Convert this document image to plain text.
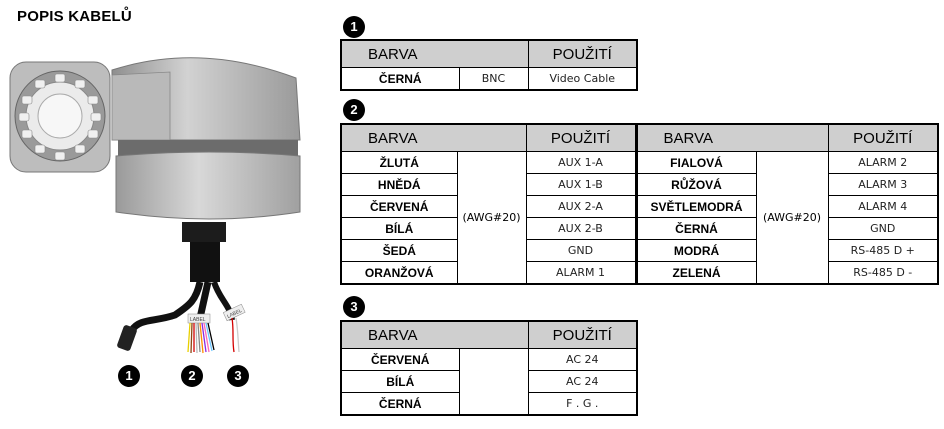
POPIS KABELŮ
LABEL
LABEL
1	2	3
1
2
3
BARVA		POUŽITÍ
ČERNÁ	BNC	Video Cable
BARVA		POUŽITÍ	BARVA		POUŽITÍ
ŽLUTÁ	(AWG#20)	AUX 1-A	FIALOVÁ	(AWG#20)	ALARM 2
HNĚDÁ		AUX 1-B	RŮŽOVÁ		ALARM 3
ČERVENÁ		AUX 2-A	SVĚTLEMODRÁ		ALARM 4
BÍLÁ		AUX 2-B	ČERNÁ		GND
ŠEDÁ		GND	MODRÁ		RS-485 D +
ORANŽOVÁ		ALARM 1	ZELENÁ		RS-485 D -
BARVA		POUŽITÍ
ČERVENÁ		AC 24
BÍLÁ		AC 24
ČERNÁ		F . G .
